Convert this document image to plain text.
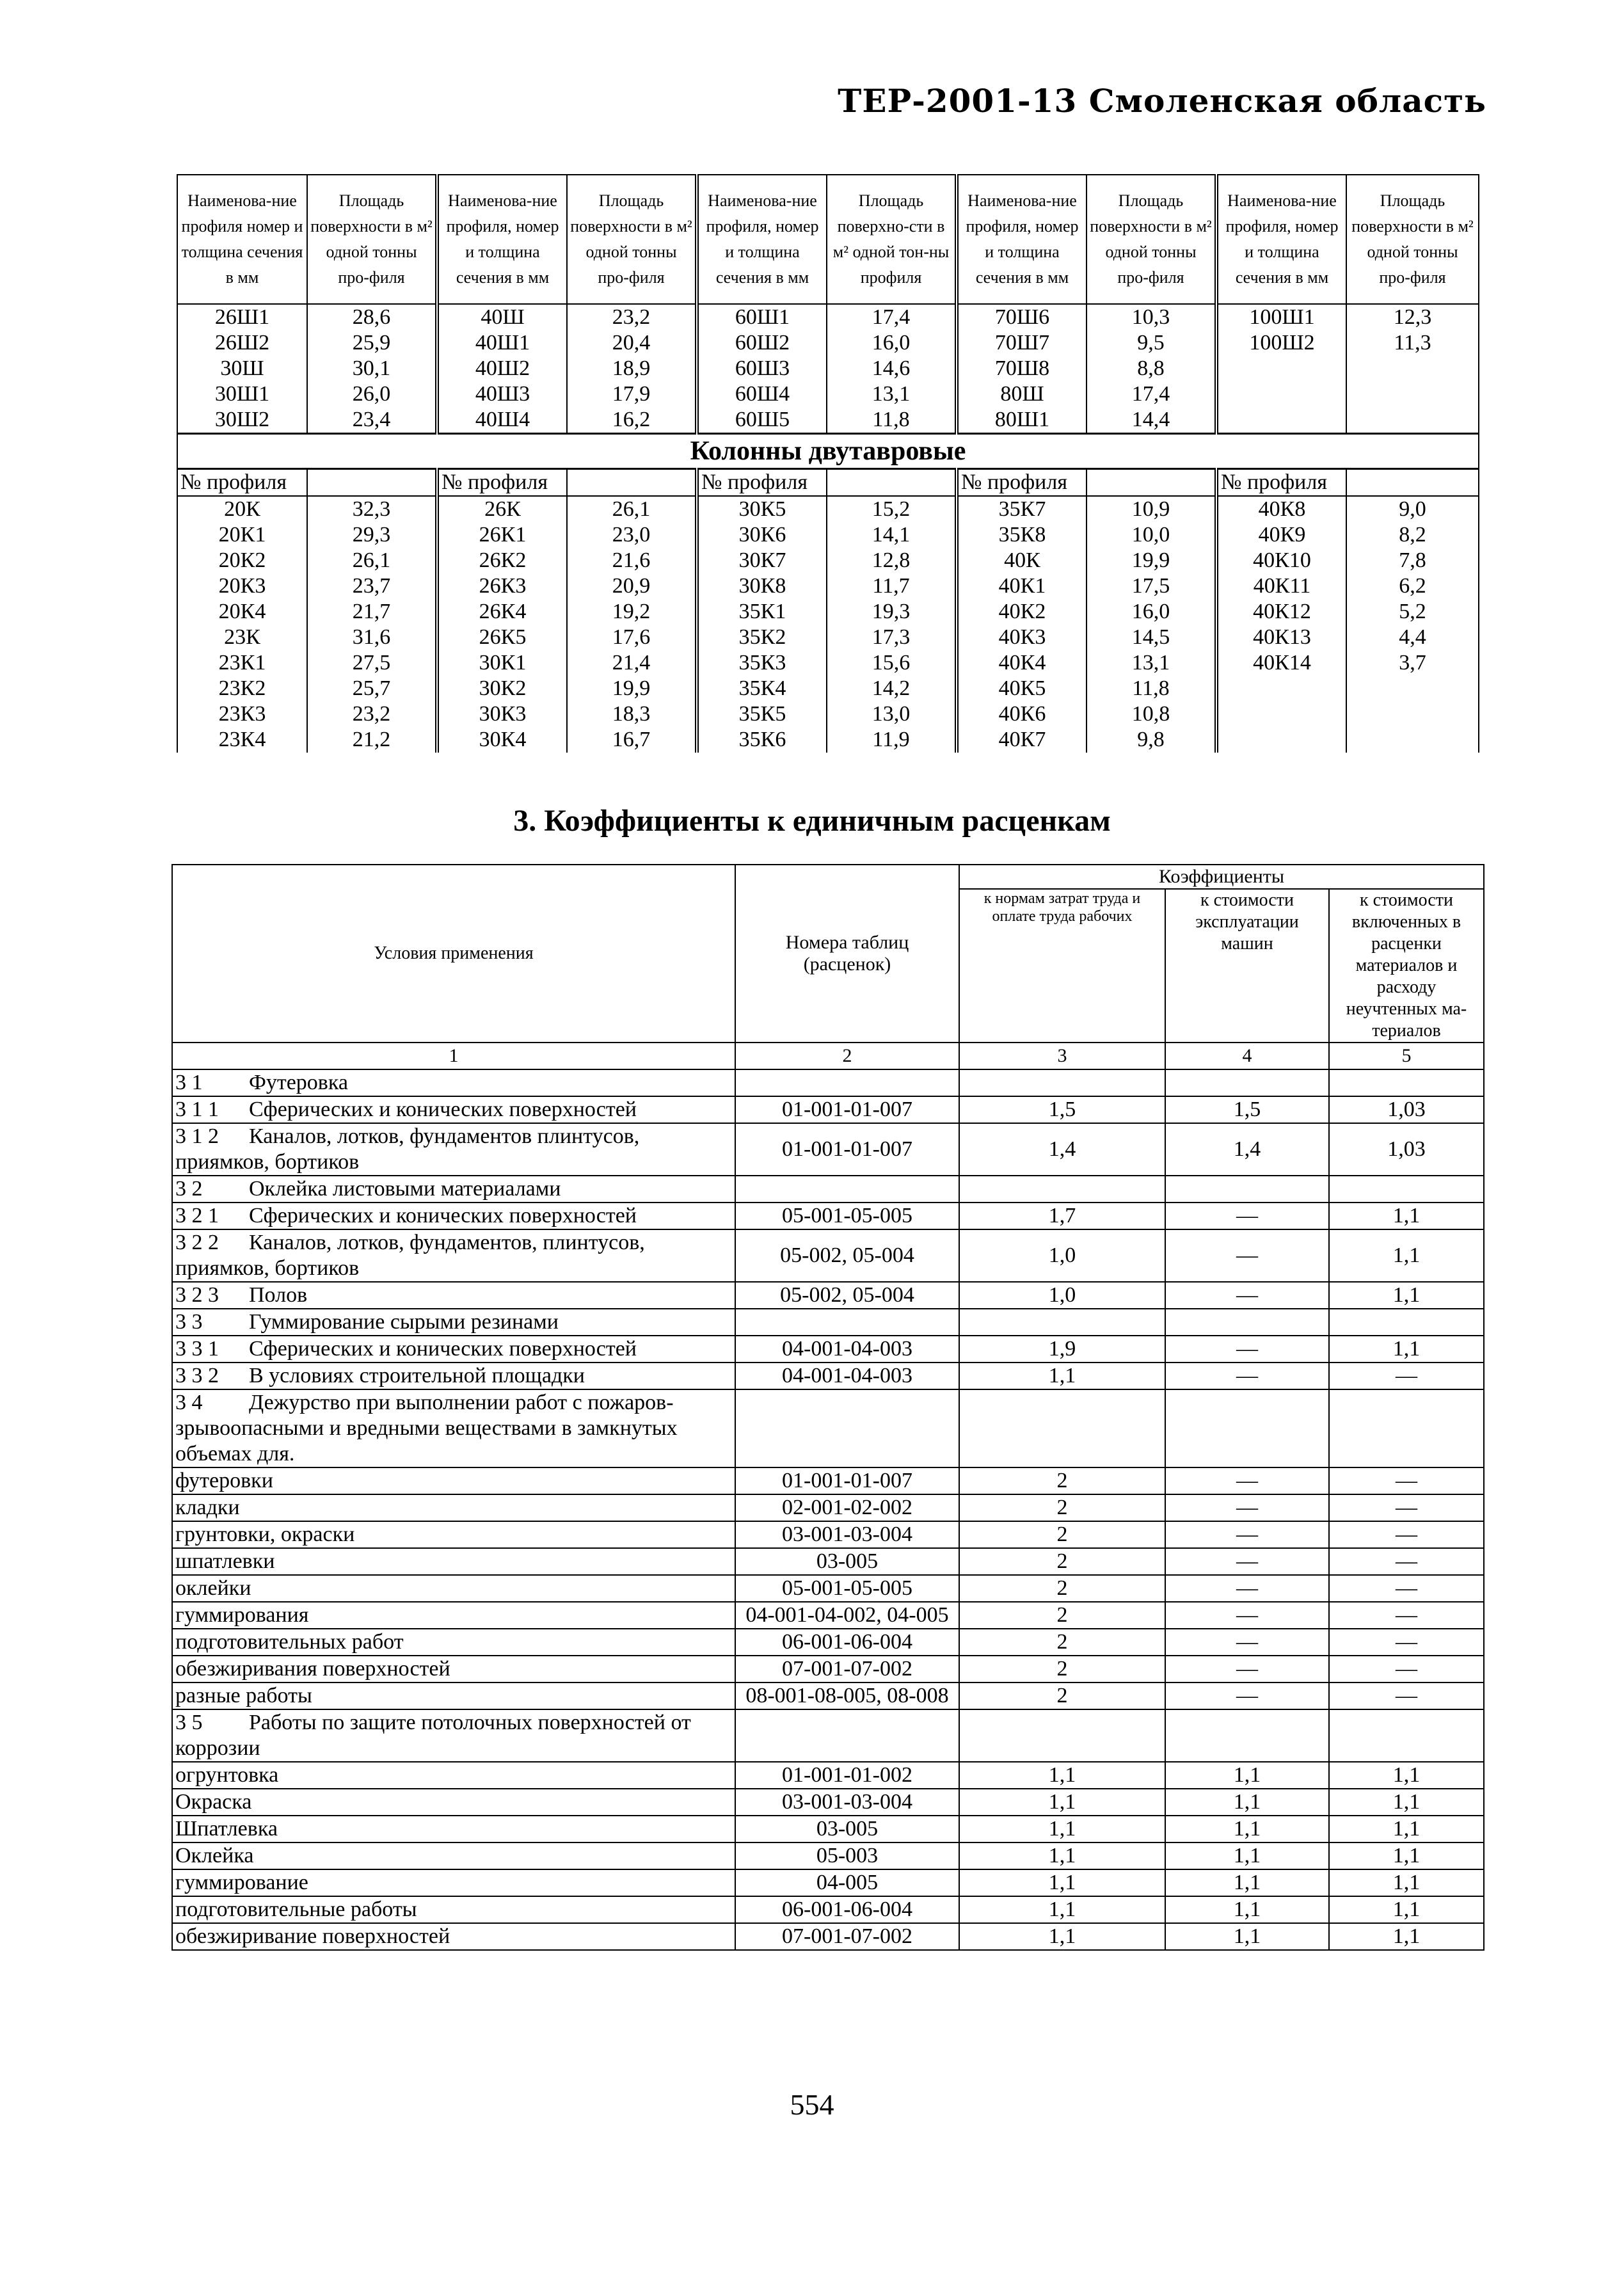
ТЕР-2001-13 Смоленская область
Наименова-ние профиля номер и толщина сечения в мм	Площадь поверхности в м² одной тонны про-филя	Наименова-ние профиля, номер и толщина сечения в мм	Площадь поверхности в м² одной тонны про-филя	Наименова-ние профиля, номер и толщина сечения в мм	Площадь поверхно-сти в м² одной тон-ны профиля	Наименова-ние профиля, номер и толщина сечения в мм	Площадь поверхности в м² одной тонны про-филя	Наименова-ние профиля, номер и толщина сечения в мм	Площадь поверхности в м² одной тонны про-филя
26Ш1	28,6	40Ш	23,2	60Ш1	17,4	70Ш6	10,3	100Ш1	12,3
26Ш2	25,9	40Ш1	20,4	60Ш2	16,0	70Ш7	9,5	100Ш2	11,3
30Ш	30,1	40Ш2	18,9	60Ш3	14,6	70Ш8	8,8		
30Ш1	26,0	40Ш3	17,9	60Ш4	13,1	80Ш	17,4		
30Ш2	23,4	40Ш4	16,2	60Ш5	11,8	80Ш1	14,4		
Колонны двутавровые									
№ профиля		№ профиля		№ профиля		№ профиля		№ профиля	
20К	32,3	26К	26,1	30К5	15,2	35К7	10,9	40К8	9,0
20К1	29,3	26К1	23,0	30К6	14,1	35К8	10,0	40К9	8,2
20К2	26,1	26К2	21,6	30К7	12,8	40К	19,9	40К10	7,8
20К3	23,7	26К3	20,9	30К8	11,7	40К1	17,5	40К11	6,2
20К4	21,7	26К4	19,2	35К1	19,3	40К2	16,0	40К12	5,2
23К	31,6	26К5	17,6	35К2	17,3	40К3	14,5	40К13	4,4
23К1	27,5	30К1	21,4	35К3	15,6	40К4	13,1	40К14	3,7
23К2	25,7	30К2	19,9	35К4	14,2	40К5	11,8		
23К3	23,2	30К3	18,3	35К5	13,0	40К6	10,8		
23К4	21,2	30К4	16,7	35К6	11,9	40К7	9,8		
3. Коэффициенты к единичным расценкам
Условия применения	Номера таблиц (расценок)	Коэффициенты		
		к нормам затрат труда и оплате труда рабочих	к стоимости эксплуатации машин	к стоимости включенных в расценки материалов и расходу неучтенных ма-териалов
1	2	3	4	5
3 1 Футеровка				
3 1 1 Сферических и конических поверхностей	01-001-01-007	1,5	1,5	1,03
3 1 2 Каналов, лотков, фундаментов плинтусов, приямков, бортиков	01-001-01-007	1,4	1,4	1,03
3 2 Оклейка листовыми материалами				
3 2 1 Сферических и конических поверхностей	05-001-05-005	1,7	—	1,1
3 2 2 Каналов, лотков, фундаментов, плинтусов, приямков, бортиков	05-002, 05-004	1,0	—	1,1
3 2 3 Полов	05-002, 05-004	1,0	—	1,1
3 3 Гуммирование сырыми резинами				
3 3 1 Сферических и конических поверхностей	04-001-04-003	1,9	—	1,1
3 3 2 В условиях строительной площадки	04-001-04-003	1,1	—	—
3 4 Дежурство при выполнении работ с пожаров-зрывоопасными и вредными веществами в замкнутых объемах для.				
футеровки	01-001-01-007	2	—	—
кладки	02-001-02-002	2	—	—
грунтовки, окраски	03-001-03-004	2	—	—
шпатлевки	03-005	2	—	—
оклейки	05-001-05-005	2	—	—
гуммирования	04-001-04-002, 04-005	2	—	—
подготовительных работ	06-001-06-004	2	—	—
обезжиривания поверхностей	07-001-07-002	2	—	—
разные работы	08-001-08-005, 08-008	2	—	—
3 5 Работы по защите потолочных поверхностей от коррозии				
огрунтовка	01-001-01-002	1,1	1,1	1,1
Окраска	03-001-03-004	1,1	1,1	1,1
Шпатлевка	03-005	1,1	1,1	1,1
Оклейка	05-003	1,1	1,1	1,1
гуммирование	04-005	1,1	1,1	1,1
подготовительные работы	06-001-06-004	1,1	1,1	1,1
обезжиривание поверхностей	07-001-07-002	1,1	1,1	1,1

554
